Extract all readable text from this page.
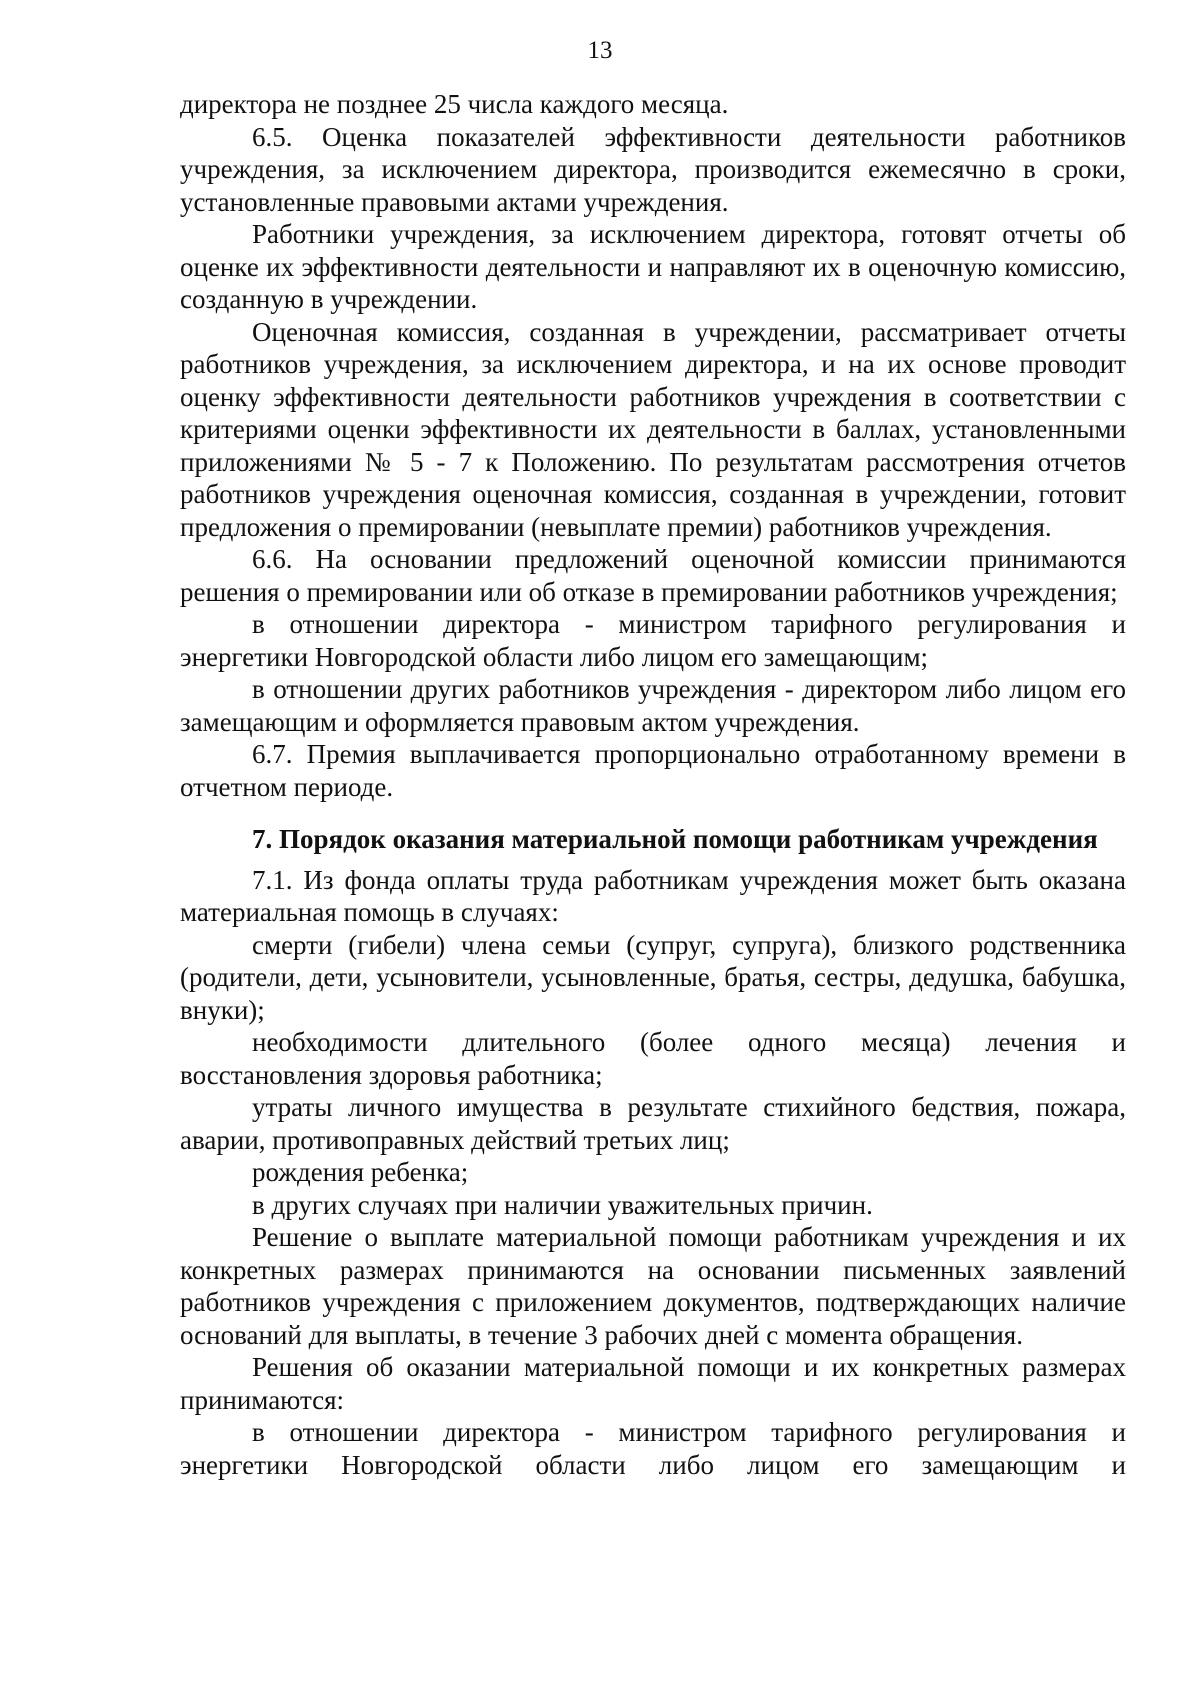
13

директора не позднее 25 числа каждого месяца.

6.5. Оценка показателей эффективности деятельности работников учреждения, за исключением директора, производится ежемесячно в сроки, установленные правовыми актами учреждения.

Работники учреждения, за исключением директора, готовят отчеты об оценке их эффективности деятельности и направляют их в оценочную комиссию, созданную в учреждении.

Оценочная комиссия, созданная в учреждении, рассматривает отчеты работников учреждения, за исключением директора, и на их основе проводит оценку эффективности деятельности работников учреждения в соответствии с критериями оценки эффективности их деятельности в баллах, установленными приложениями № 5 - 7 к Положению. По результатам рассмотрения отчетов работников учреждения оценочная комиссия, созданная в учреждении, готовит предложения о премировании (невыплате премии) работников учреждения.

6.6. На основании предложений оценочной комиссии принимаются решения о премировании или об отказе в премировании работников учреждения;

в отношении директора - министром тарифного регулирования и энергетики Новгородской области либо лицом его замещающим;

в отношении других работников учреждения - директором либо лицом его замещающим и оформляется правовым актом учреждения.

6.7. Премия выплачивается пропорционально отработанному времени в отчетном периоде.

7. Порядок оказания материальной помощи работникам учреждения

7.1. Из фонда оплаты труда работникам учреждения может быть оказана материальная помощь в случаях:

смерти (гибели) члена семьи (супруг, супруга), близкого родственника (родители, дети, усыновители, усыновленные, братья, сестры, дедушка, бабушка, внуки);

необходимости длительного (более одного месяца) лечения и восстановления здоровья работника;

утраты личного имущества в результате стихийного бедствия, пожара, аварии, противоправных действий третьих лиц;

рождения ребенка;

в других случаях при наличии уважительных причин.

Решение о выплате материальной помощи работникам учреждения и их конкретных размерах принимаются на основании письменных заявлений работников учреждения с приложением документов, подтверждающих наличие оснований для выплаты, в течение 3 рабочих дней с момента обращения.

Решения об оказании материальной помощи и их конкретных размерах принимаются:

в отношении директора - министром тарифного регулирования и энергетики Новгородской области либо лицом его замещающим и
